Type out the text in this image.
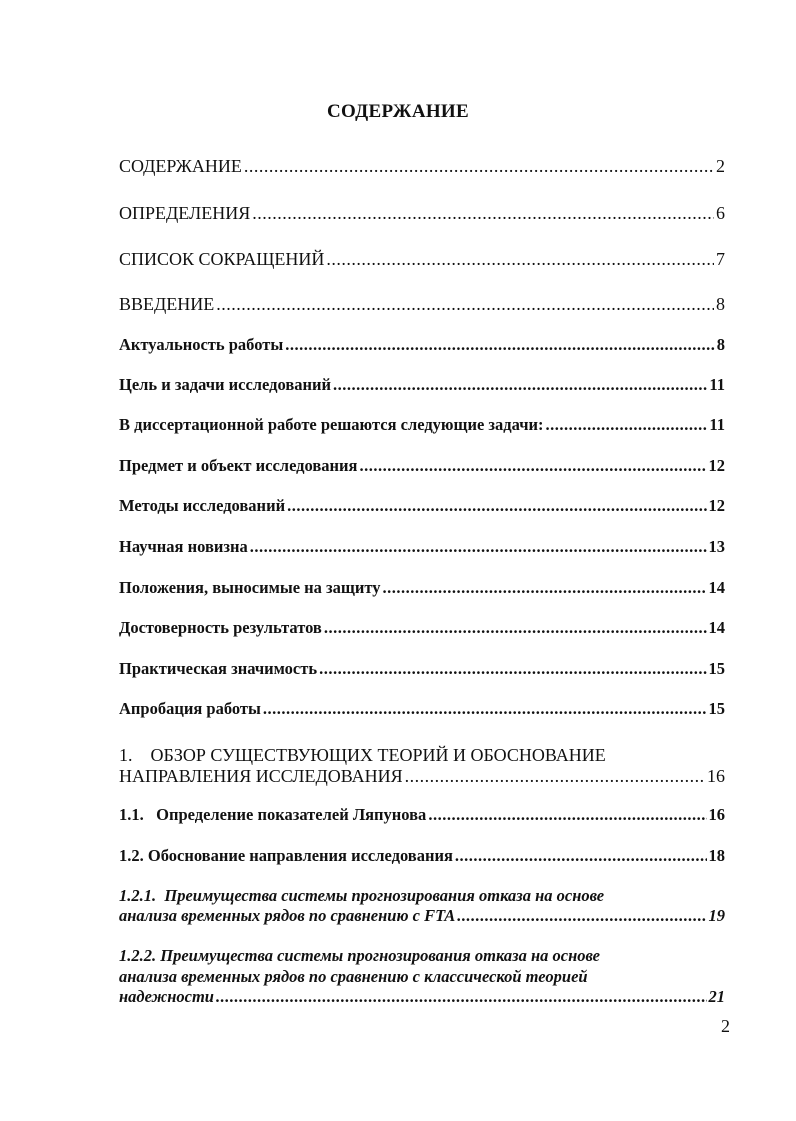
СОДЕРЖАНИЕ
СОДЕРЖАНИЕ .....	2
ОПРЕДЕЛЕНИЯ .....	6
СПИСОК СОКРАЩЕНИЙ .....	7
ВВЕДЕНИЕ .....	8
Актуальность работы .....	8
Цель и задачи исследований .....	11
В диссертационной работе решаются следующие задачи: .....	11
Предмет и объект исследования .....	12
Методы исследований .....	12
Научная новизна .....	13
Положения, выносимые на защиту .....	14
Достоверность результатов .....	14
Практическая значимость .....	15
Апробация работы .....	15
1.    ОБЗОР СУЩЕСТВУЮЩИХ ТЕОРИЙ И ОБОСНОВАНИЕ
НАПРАВЛЕНИЯ ИССЛЕДОВАНИЯ .....	16
1.1.   Определение показателей Ляпунова .....	16
1.2. Обоснование направления исследования .....	18
1.2.1.  Преимущества системы прогнозирования отказа на основе
анализа временных рядов по сравнению с FTA .....	19
1.2.2. Преимущества системы прогнозирования отказа на основе
анализа временных рядов по сравнению с классической теорией
надежности .....	21
2
